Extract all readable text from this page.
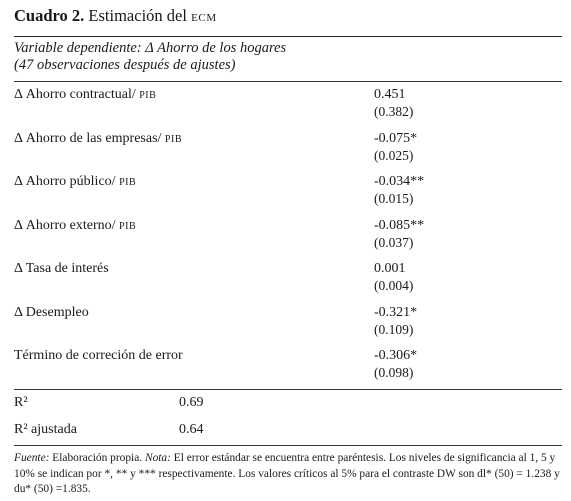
Cuadro 2. Estimación del ECM
Variable dependiente: Δ Ahorro de los hogares
(47 observaciones después de ajustes)
Δ Ahorro contractual/ PIB	0.451
(0.382)
Δ Ahorro de las empresas/ PIB	-0.075*
(0.025)
Δ Ahorro público/ PIB	-0.034**
(0.015)
Δ Ahorro externo/ PIB	-0.085**
(0.037)
Δ Tasa de interés	0.001
(0.004)
Δ Desempleo	-0.321*
(0.109)
Término de correción de error	-0.306*
(0.098)
R²	0.69
R² ajustada	0.64
Fuente: Elaboración propia. Nota: El error estándar se encuentra entre paréntesis. Los niveles de significancia al 1, 5 y 10% se indican por *, ** y *** respectivamente. Los valores críticos al 5% para el contraste DW son dl* (50) = 1.238 y du* (50) =1.835.
